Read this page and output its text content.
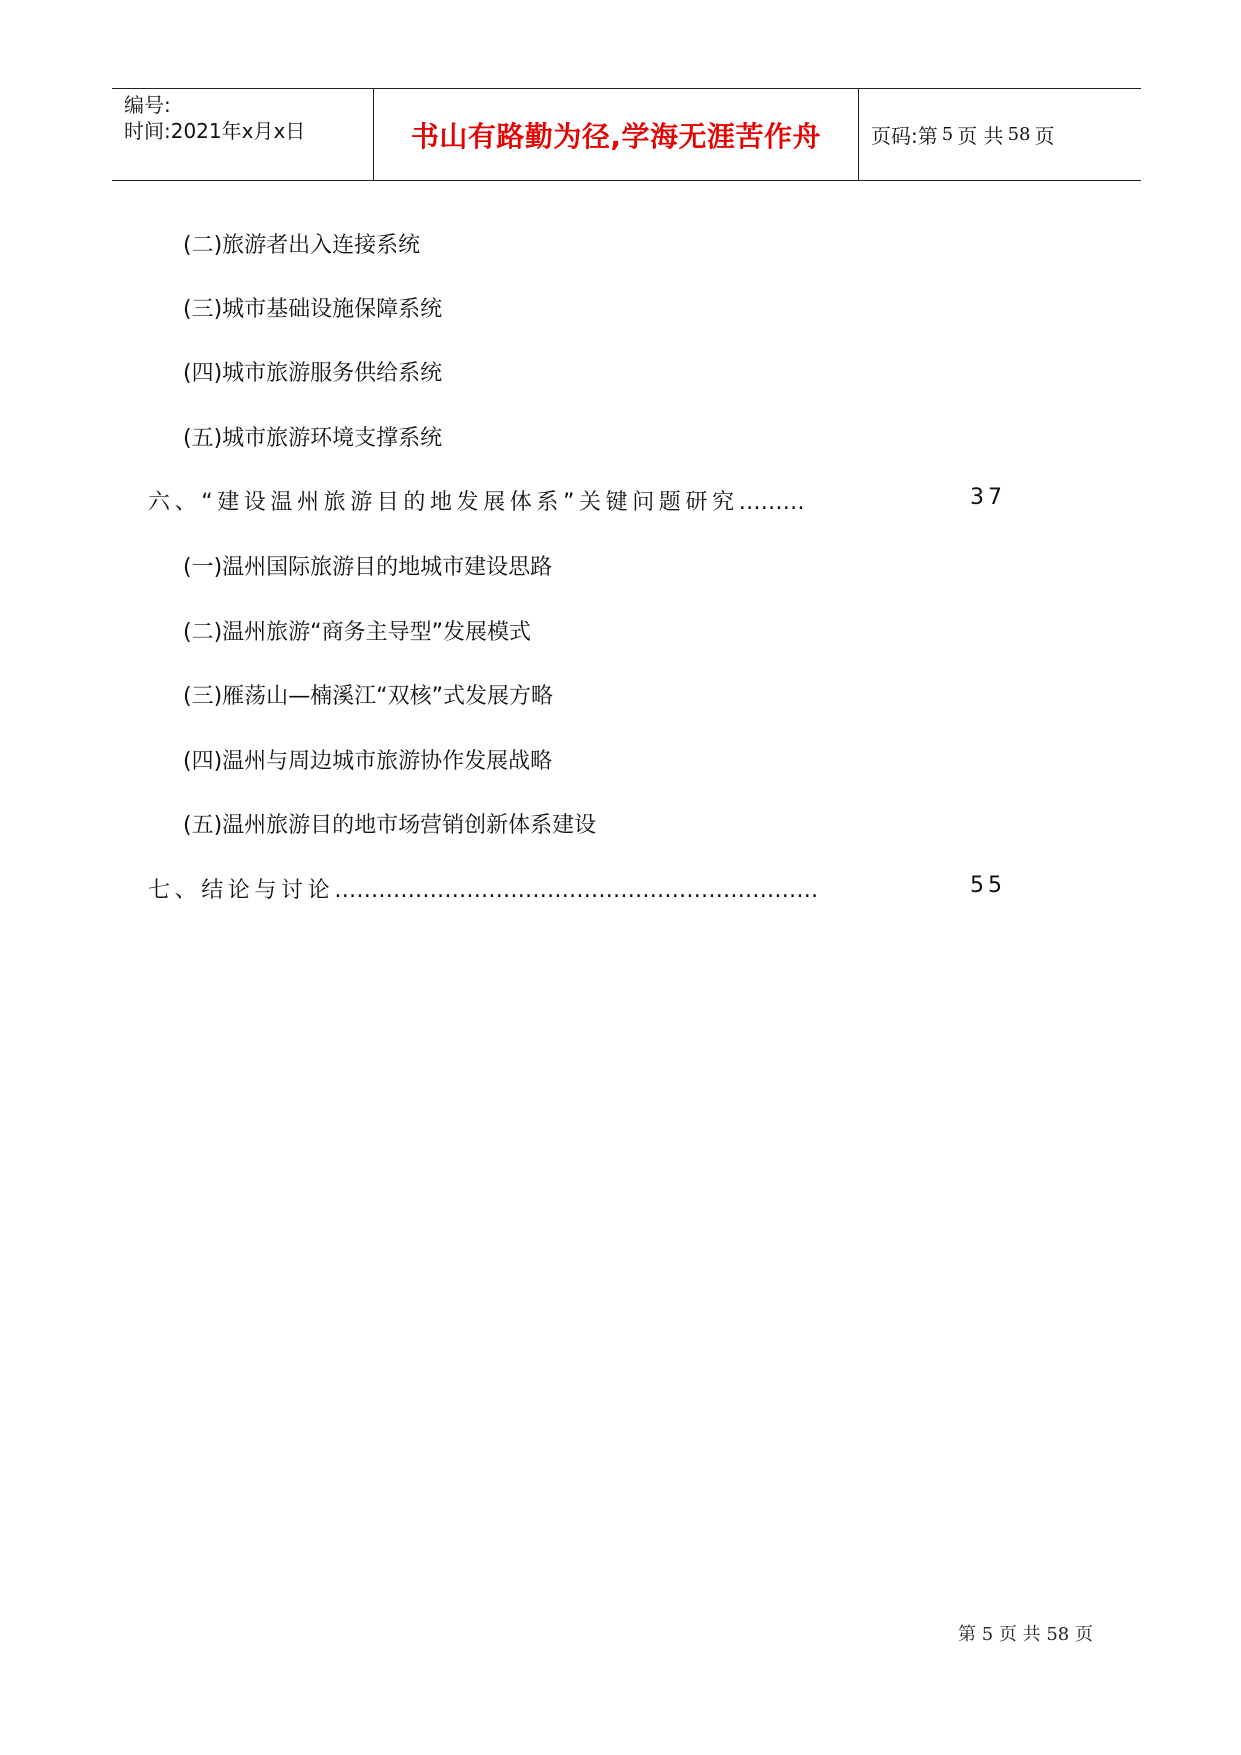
编号:
时间:2021年x月x日	书山有路勤为径,学海无涯苦作舟 页码:第 5 页 共 58 页
(二)旅游者出入连接系统
(三)城市基础设施保障系统
(四)城市旅游服务供给系统
(五)城市旅游环境支撑系统
六、“建设温州旅游目的地发展体系”关键问题研究………	37
(一)温州国际旅游目的地城市建设思路
(二)温州旅游“商务主导型”发展模式
(三)雁荡山—楠溪江“双核”式发展方略
(四)温州与周边城市旅游协作发展战略
(五)温州旅游目的地市场营销创新体系建设
七、结论与讨论…………………………………………………………	55
第 5 页 共 58 页
